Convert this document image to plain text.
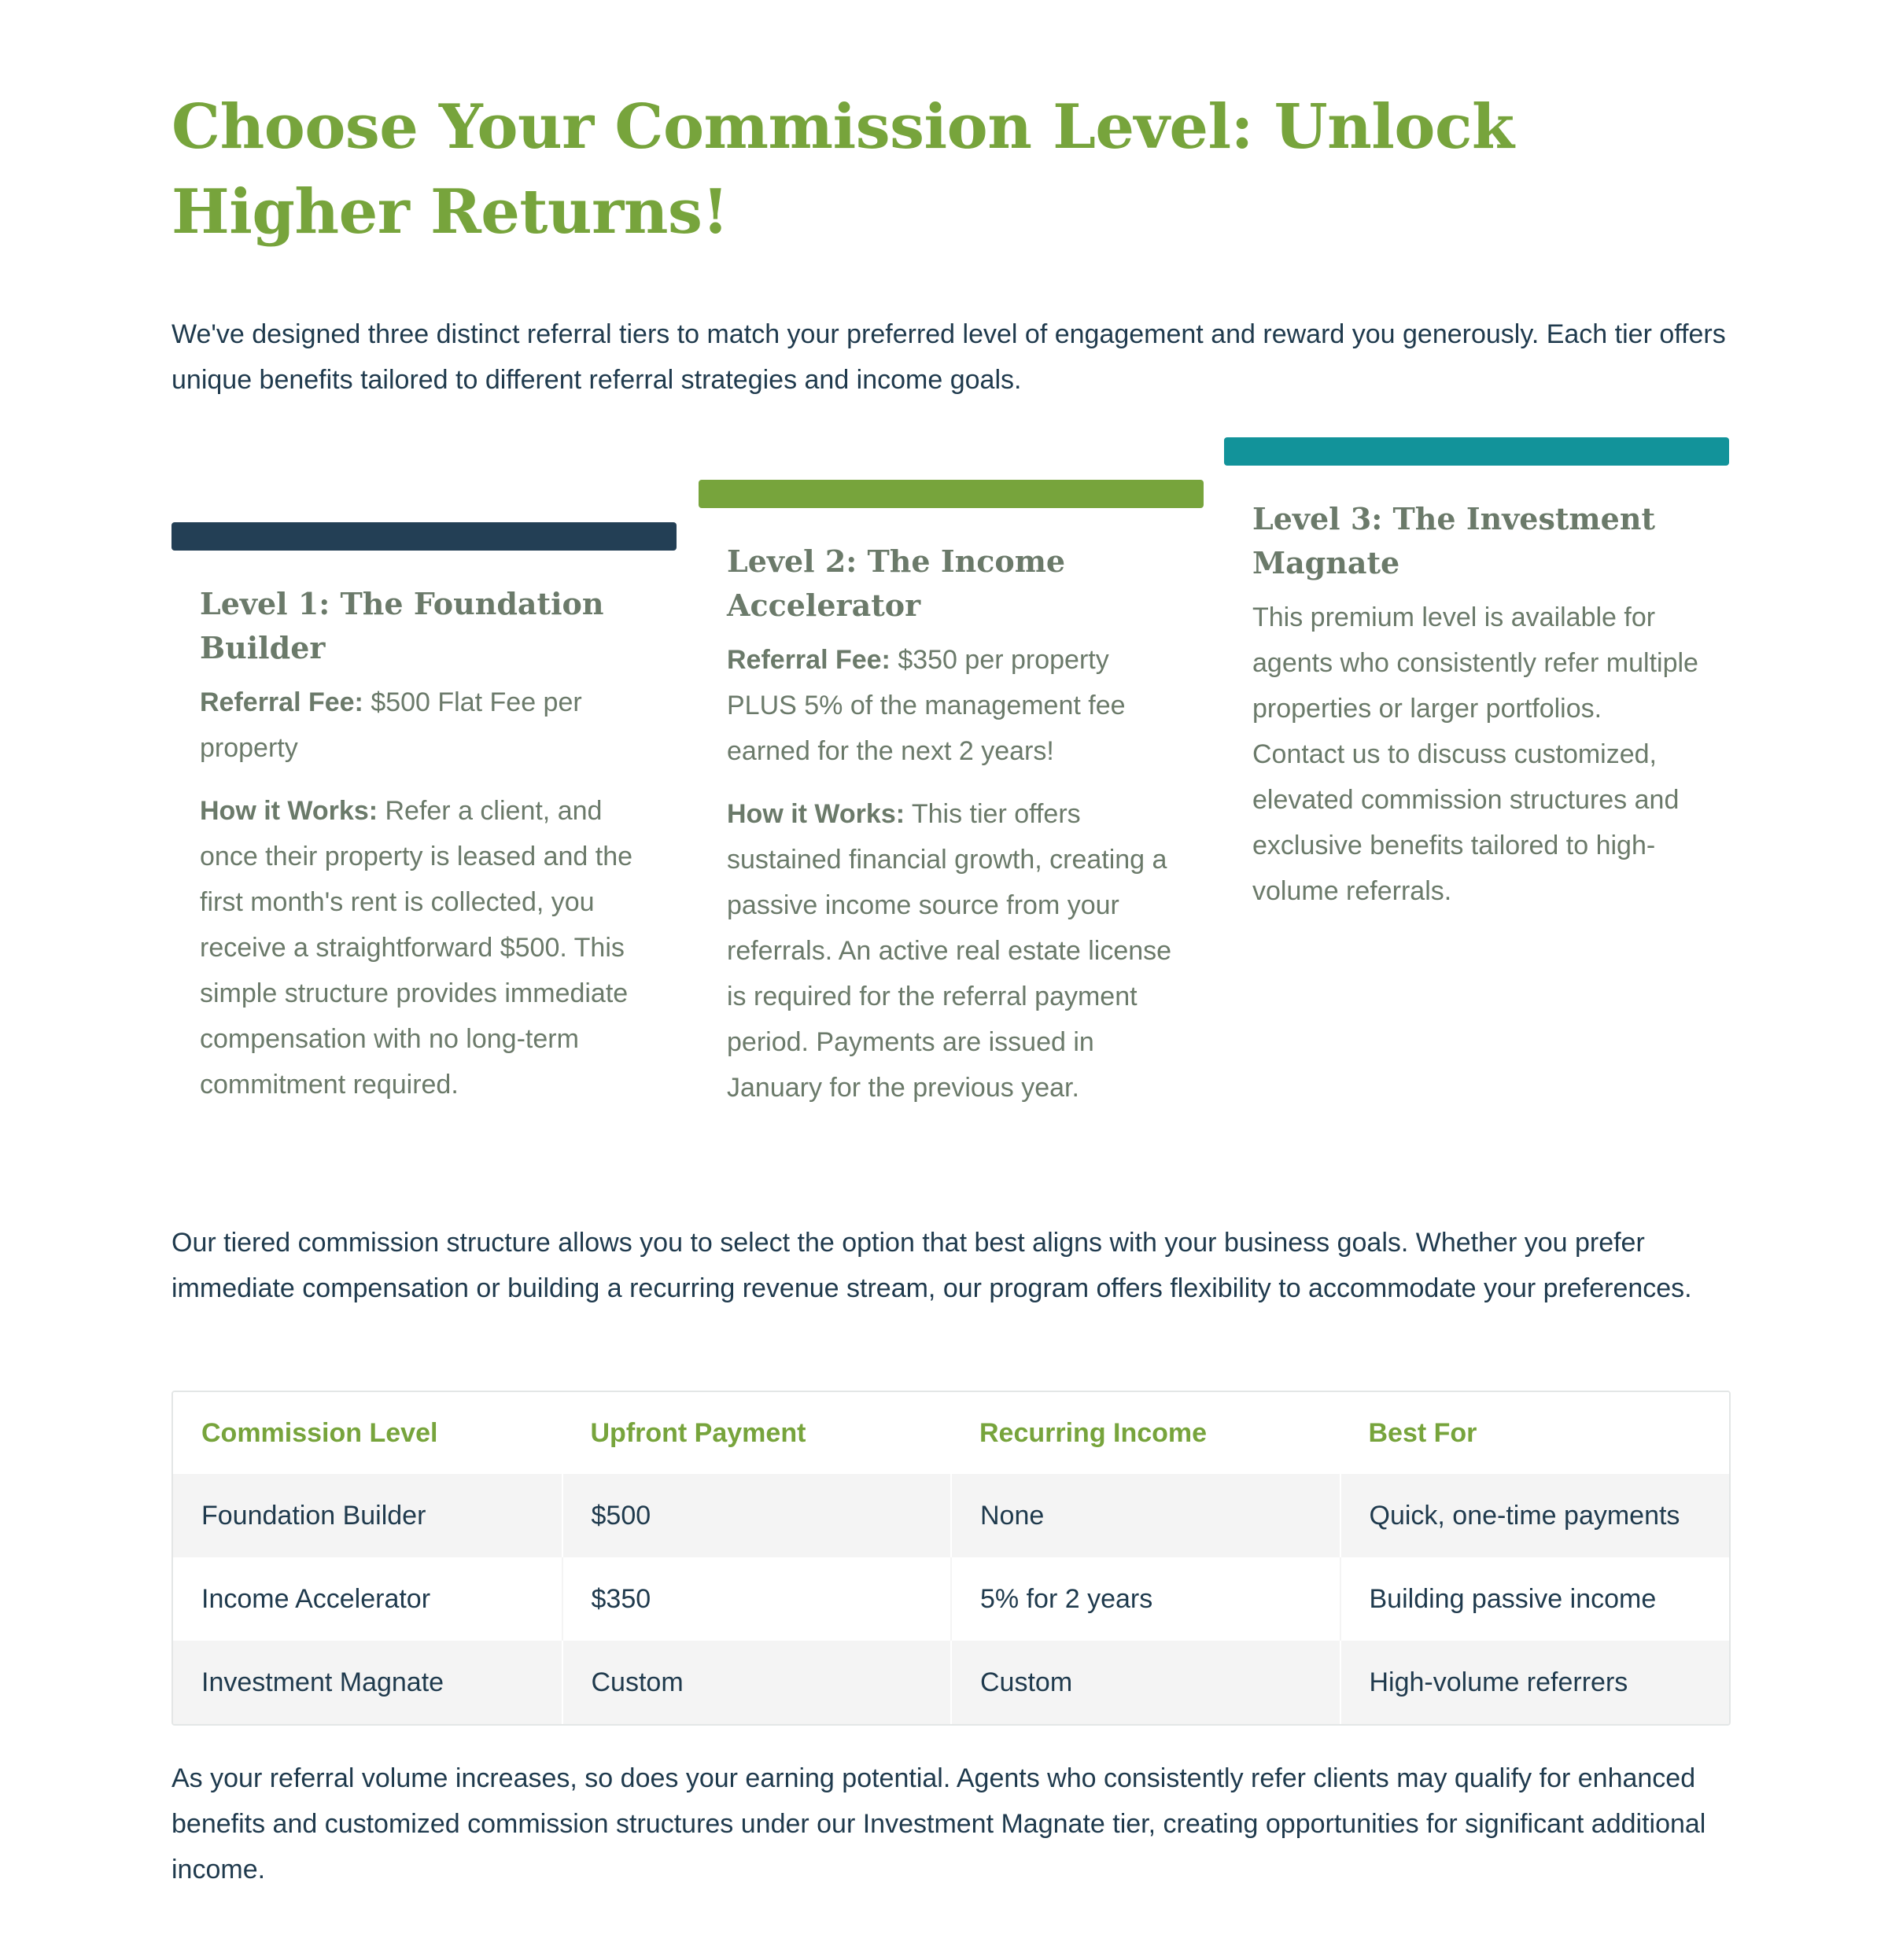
Choose Your Commission Level: Unlock Higher Returns!

We've designed three distinct referral tiers to match your preferred level of engagement and reward you generously. Each tier offers unique benefits tailored to different referral strategies and income goals.

Level 1: The Foundation Builder

Referral Fee: $500 Flat Fee per property

How it Works: Refer a client, and once their property is leased and the first month's rent is collected, you receive a straightforward $500. This simple structure provides immediate compensation with no long-term commitment required.

Level 2: The Income Accelerator

Referral Fee: $350 per property PLUS 5% of the management fee earned for the next 2 years!

How it Works: This tier offers sustained financial growth, creating a passive income source from your referrals. An active real estate license is required for the referral payment period. Payments are issued in January for the previous year.

Level 3: The Investment Magnate

This premium level is available for agents who consistently refer multiple properties or larger portfolios. Contact us to discuss customized, elevated commission structures and exclusive benefits tailored to high-volume referrals.

Our tiered commission structure allows you to select the option that best aligns with your business goals. Whether you prefer immediate compensation or building a recurring revenue stream, our program offers flexibility to accommodate your preferences.

Commission Level	Upfront Payment	Recurring Income	Best For
Foundation Builder	$500	None	Quick, one-time payments
Income Accelerator	$350	5% for 2 years	Building passive income
Investment Magnate	Custom	Custom	High-volume referrers

As your referral volume increases, so does your earning potential. Agents who consistently refer clients may qualify for enhanced benefits and customized commission structures under our Investment Magnate tier, creating opportunities for significant additional income.
